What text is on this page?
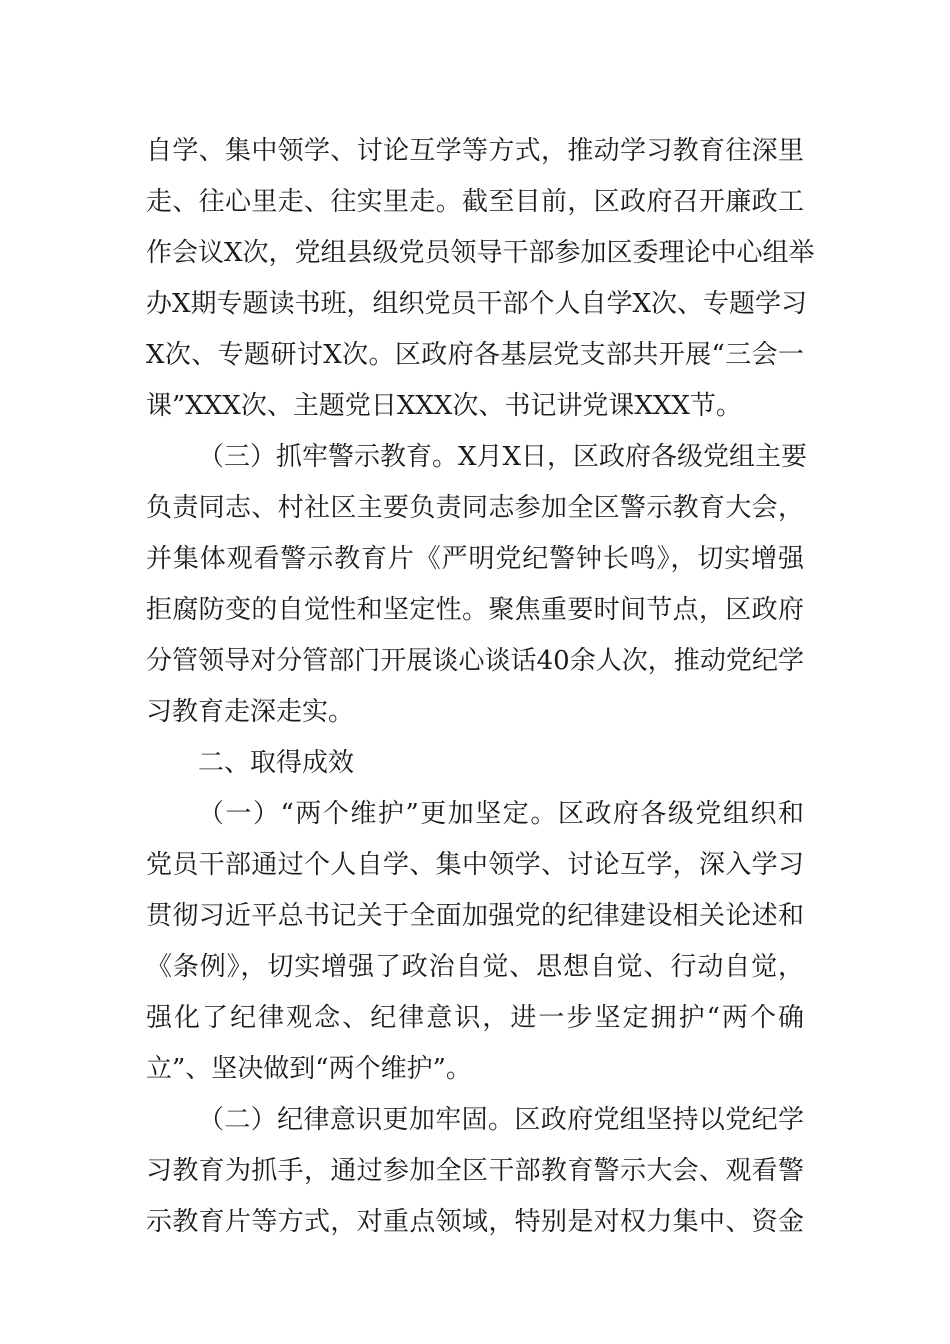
自学、集中领学、讨论互学等方式，推动学习教育往深里
走、往心里走、往实里走。截至目前，区政府召开廉政工
作会议X次，党组县级党员领导干部参加区委理论中心组举
办X期专题读书班，组织党员干部个人自学X次、专题学习
X次、专题研讨X次。区政府各基层党支部共开展“三会一
课”XXX次、主题党日XXX次、书记讲党课XXX节。

（三）抓牢警示教育。X月X日，区政府各级党组主要
负责同志、村社区主要负责同志参加全区警示教育大会，
并集体观看警示教育片《严明党纪警钟长鸣》，切实增强
拒腐防变的自觉性和坚定性。聚焦重要时间节点，区政府
分管领导对分管部门开展谈心谈话40余人次，推动党纪学
习教育走深走实。

二、取得成效

（一）“两个维护”更加坚定。区政府各级党组织和
党员干部通过个人自学、集中领学、讨论互学，深入学习
贯彻习近平总书记关于全面加强党的纪律建设相关论述和
《条例》，切实增强了政治自觉、思想自觉、行动自觉，
强化了纪律观念、纪律意识，进一步坚定拥护“两个确
立”、坚决做到“两个维护”。

（二）纪律意识更加牢固。区政府党组坚持以党纪学
习教育为抓手，通过参加全区干部教育警示大会、观看警
示教育片等方式，对重点领域，特别是对权力集中、资金
